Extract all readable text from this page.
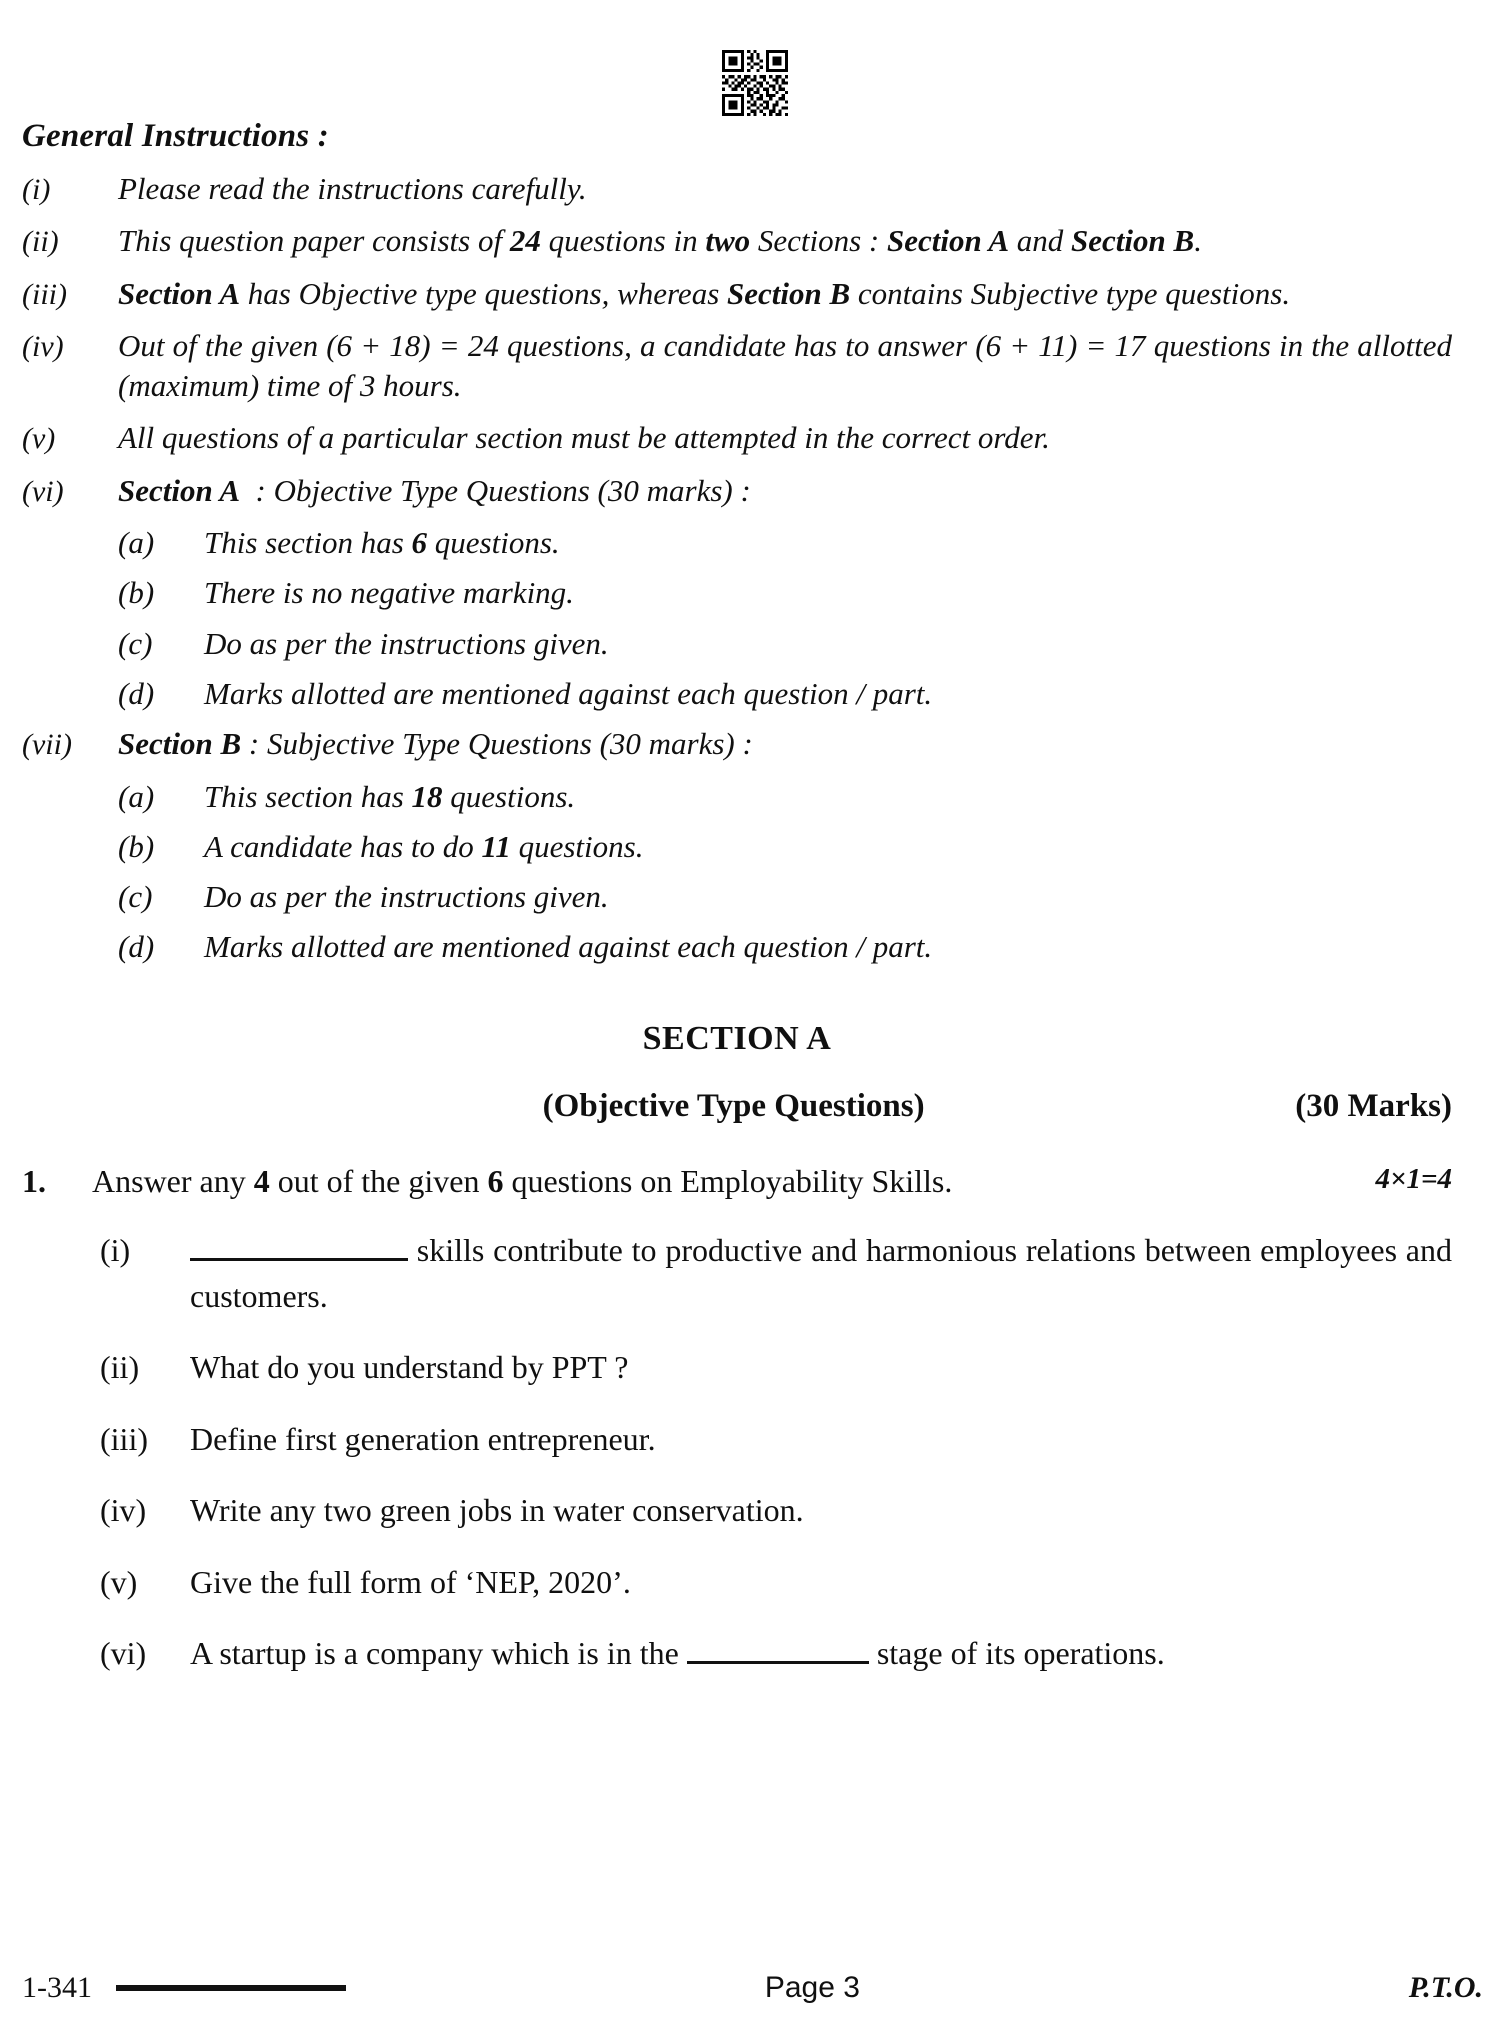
General Instructions :
(i)	Please read the instructions carefully.
(ii)	This question paper consists of 24 questions in two Sections : Section A and Section B.
(iii)	Section A has Objective type questions, whereas Section B contains Subjective type questions.
(iv)	Out of the given (6 + 18) = 24 questions, a candidate has to answer (6 + 11) = 17 questions in the allotted (maximum) time of 3 hours.
(v)	All questions of a particular section must be attempted in the correct order.
(vi)	Section A  : Objective Type Questions (30 marks) :
(a)	This section has 6 questions.
(b)	There is no negative marking.
(c)	Do as per the instructions given.
(d)	Marks allotted are mentioned against each question / part.
(vii)	Section B : Subjective Type Questions (30 marks) :
(a)	This section has 18 questions.
(b)	A candidate has to do 11 questions.
(c)	Do as per the instructions given.
(d)	Marks allotted are mentioned against each question / part.
SECTION A
(Objective Type Questions)	(30 Marks)
1.	Answer any 4 out of the given 6 questions on Employability Skills.	4×1=4
(i)	skills contribute to productive and harmonious relations between employees and customers.
(ii)	What do you understand by PPT ?
(iii)	Define first generation entrepreneur.
(iv)	Write any two green jobs in water conservation.
(v)	Give the full form of ‘NEP, 2020’.
(vi)	A startup is a company which is in the	stage of its operations.
1-341	Page 3	P.T.O.
